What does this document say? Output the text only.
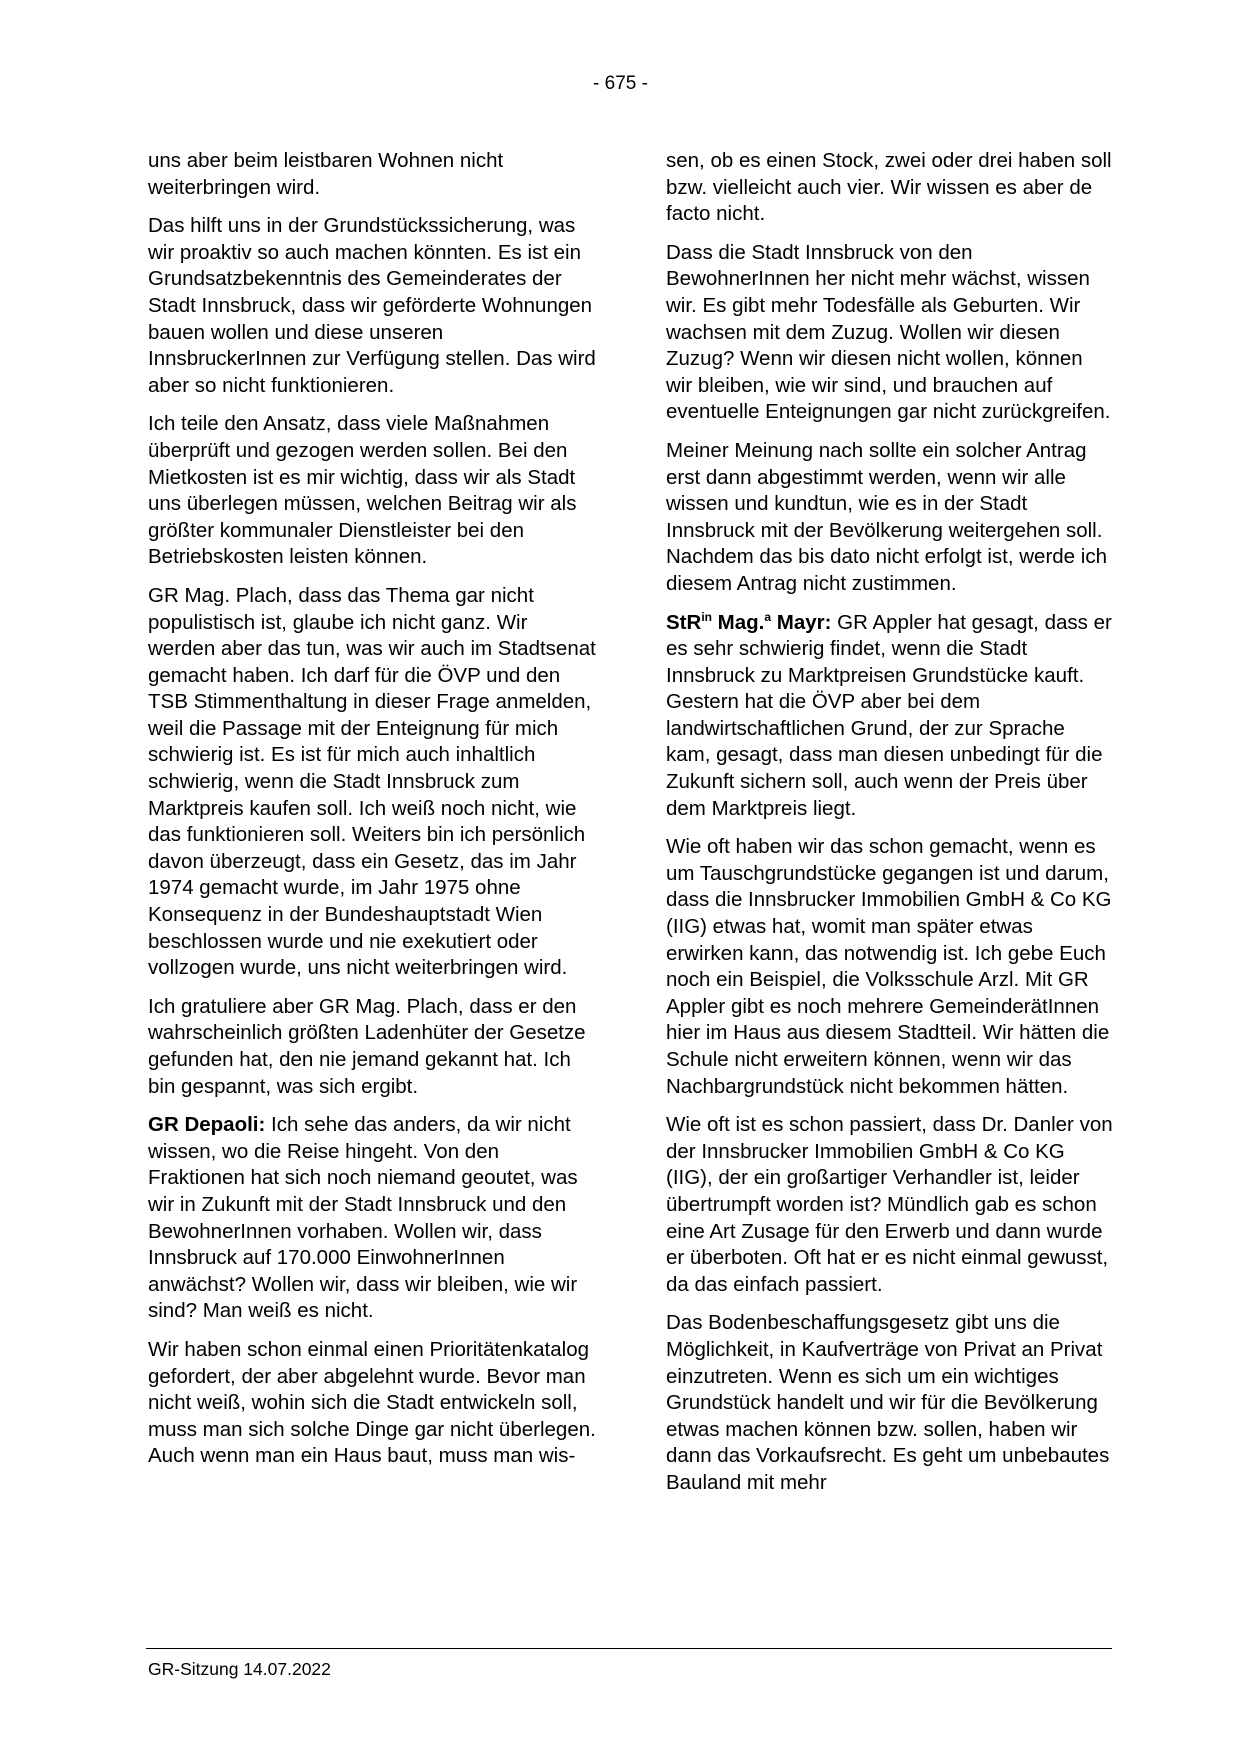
- 675 -

uns aber beim leistbaren Wohnen nicht weiterbringen wird.

Das hilft uns in der Grundstückssicherung, was wir proaktiv so auch machen könnten. Es ist ein Grundsatzbekenntnis des Gemeinderates der Stadt Innsbruck, dass wir geförderte Wohnungen bauen wollen und diese unseren InnsbruckerInnen zur Verfügung stellen. Das wird aber so nicht funktionieren.

Ich teile den Ansatz, dass viele Maßnahmen überprüft und gezogen werden sollen. Bei den Mietkosten ist es mir wichtig, dass wir als Stadt uns überlegen müssen, welchen Beitrag wir als größter kommunaler Dienstleister bei den Betriebskosten leisten können.

GR Mag. Plach, dass das Thema gar nicht populistisch ist, glaube ich nicht ganz. Wir werden aber das tun, was wir auch im Stadtsenat gemacht haben. Ich darf für die ÖVP und den TSB Stimmenthaltung in dieser Frage anmelden, weil die Passage mit der Enteignung für mich schwierig ist. Es ist für mich auch inhaltlich schwierig, wenn die Stadt Innsbruck zum Marktpreis kaufen soll. Ich weiß noch nicht, wie das funktionieren soll. Weiters bin ich persönlich davon überzeugt, dass ein Gesetz, das im Jahr 1974 gemacht wurde, im Jahr 1975 ohne Konsequenz in der Bundeshauptstadt Wien beschlossen wurde und nie exekutiert oder vollzogen wurde, uns nicht weiterbringen wird.

Ich gratuliere aber GR Mag. Plach, dass er den wahrscheinlich größten Ladenhüter der Gesetze gefunden hat, den nie jemand gekannt hat. Ich bin gespannt, was sich ergibt.

GR Depaoli: Ich sehe das anders, da wir nicht wissen, wo die Reise hingeht. Von den Fraktionen hat sich noch niemand geoutet, was wir in Zukunft mit der Stadt Innsbruck und den BewohnerInnen vorhaben. Wollen wir, dass Innsbruck auf 170.000 EinwohnerInnen anwächst? Wollen wir, dass wir bleiben, wie wir sind? Man weiß es nicht.

Wir haben schon einmal einen Prioritätenkatalog gefordert, der aber abgelehnt wurde. Bevor man nicht weiß, wohin sich die Stadt entwickeln soll, muss man sich solche Dinge gar nicht überlegen. Auch wenn man ein Haus baut, muss man wis-

sen, ob es einen Stock, zwei oder drei haben soll bzw. vielleicht auch vier. Wir wissen es aber de facto nicht.

Dass die Stadt Innsbruck von den BewohnerInnen her nicht mehr wächst, wissen wir. Es gibt mehr Todesfälle als Geburten. Wir wachsen mit dem Zuzug. Wollen wir diesen Zuzug? Wenn wir diesen nicht wollen, können wir bleiben, wie wir sind, und brauchen auf eventuelle Enteignungen gar nicht zurückgreifen.

Meiner Meinung nach sollte ein solcher Antrag erst dann abgestimmt werden, wenn wir alle wissen und kundtun, wie es in der Stadt Innsbruck mit der Bevölkerung weitergehen soll. Nachdem das bis dato nicht erfolgt ist, werde ich diesem Antrag nicht zustimmen.

StR$^{in}$ Mag.$^a$ Mayr: GR Appler hat gesagt, dass er es sehr schwierig findet, wenn die Stadt Innsbruck zu Marktpreisen Grundstücke kauft. Gestern hat die ÖVP aber bei dem landwirtschaftlichen Grund, der zur Sprache kam, gesagt, dass man diesen unbedingt für die Zukunft sichern soll, auch wenn der Preis über dem Marktpreis liegt.

Wie oft haben wir das schon gemacht, wenn es um Tauschgrundstücke gegangen ist und darum, dass die Innsbrucker Immobilien GmbH & Co KG (IIG) etwas hat, womit man später etwas erwirken kann, das notwendig ist. Ich gebe Euch noch ein Beispiel, die Volksschule Arzl. Mit GR Appler gibt es noch mehrere GemeinderätInnen hier im Haus aus diesem Stadtteil. Wir hätten die Schule nicht erweitern können, wenn wir das Nachbargrundstück nicht bekommen hätten.

Wie oft ist es schon passiert, dass Dr. Danler von der Innsbrucker Immobilien GmbH & Co KG (IIG), der ein großartiger Verhandler ist, leider übertrumpft worden ist? Mündlich gab es schon eine Art Zusage für den Erwerb und dann wurde er überboten. Oft hat er es nicht einmal gewusst, da das einfach passiert.

Das Bodenbeschaffungsgesetz gibt uns die Möglichkeit, in Kaufverträge von Privat an Privat einzutreten. Wenn es sich um ein wichtiges Grundstück handelt und wir für die Bevölkerung etwas machen können bzw. sollen, haben wir dann das Vorkaufsrecht. Es geht um unbebautes Bauland mit mehr

GR-Sitzung 14.07.2022
